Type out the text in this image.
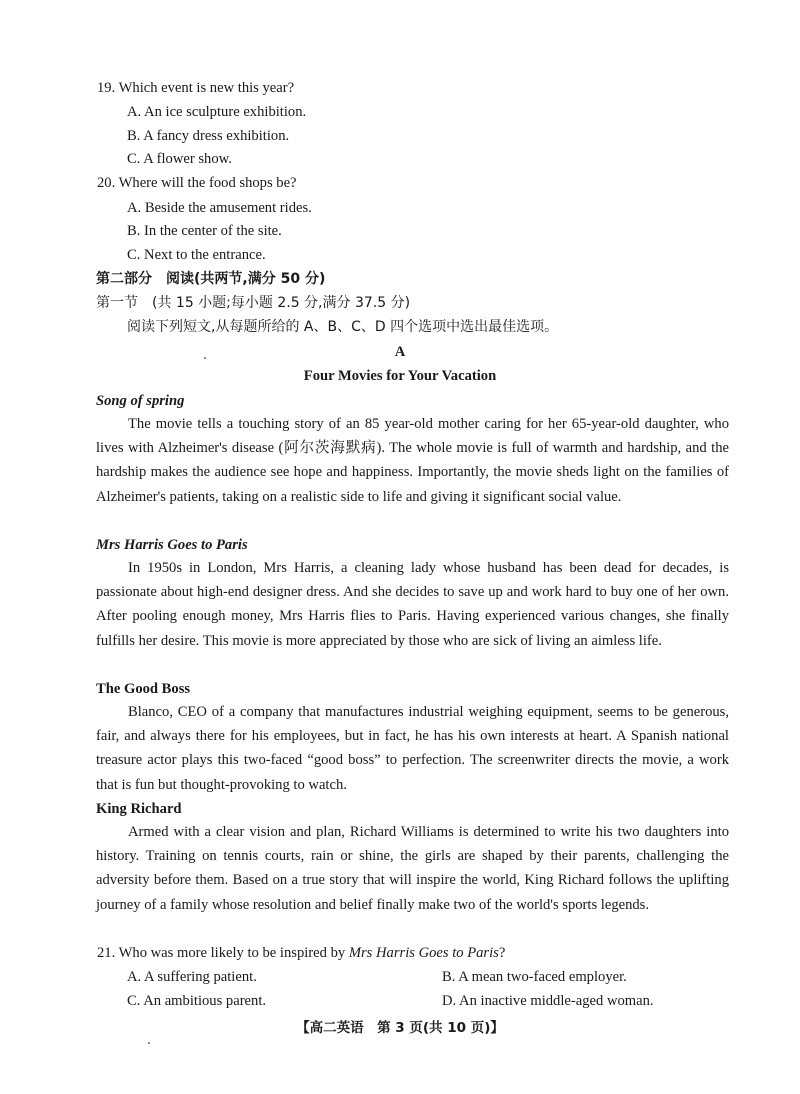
19. Which event is new this year?
A. An ice sculpture exhibition.
B. A fancy dress exhibition.
C. A flower show.
20. Where will the food shops be?
A. Beside the amusement rides.
B. In the center of the site.
C. Next to the entrance.
第二部分　阅读(共两节,满分 50 分)
第一节　(共 15 小题;每小题 2.5 分,满分 37.5 分)
阅读下列短文,从每题所给的 A、B、C、D 四个选项中选出最佳选项。
A
Four Movies for Your Vacation
Song of spring

The movie tells a touching story of an 85 year-old mother caring for her 65-year-old daughter, who lives with Alzheimer's disease (阿尔茨海默病). The whole movie is full of warmth and hardship, and the hardship makes the audience see hope and happiness. Importantly, the movie sheds light on the families of Alzheimer's patients, taking on a realistic side to life and giving it significant social value.

Mrs Harris Goes to Paris

In 1950s in London, Mrs Harris, a cleaning lady whose husband has been dead for decades, is passionate about high-end designer dress. And she decides to save up and work hard to buy one of her own. After pooling enough money, Mrs Harris flies to Paris. Having experienced various changes, she finally fulfills her desire. This movie is more appreciated by those who are sick of living an aimless life.

The Good Boss

Blanco, CEO of a company that manufactures industrial weighing equipment, seems to be generous, fair, and always there for his employees, but in fact, he has his own interests at heart. A Spanish national treasure actor plays this two-faced “good boss” to perfection. The screenwriter directs the movie, a work that is fun but thought-provoking to watch.

King Richard

Armed with a clear vision and plan, Richard Williams is determined to write his two daughters into history. Training on tennis courts, rain or shine, the girls are shaped by their parents, challenging the adversity before them. Based on a true story that will inspire the world, King Richard follows the uplifting journey of a family whose resolution and belief finally make two of the world's sports legends.

21. Who was more likely to be inspired by Mrs Harris Goes to Paris?
A. A suffering patient.	B. A mean two-faced employer.
C. An ambitious parent.	D. An inactive middle-aged woman.
【高二英语　第 3 页(共 10 页)】
